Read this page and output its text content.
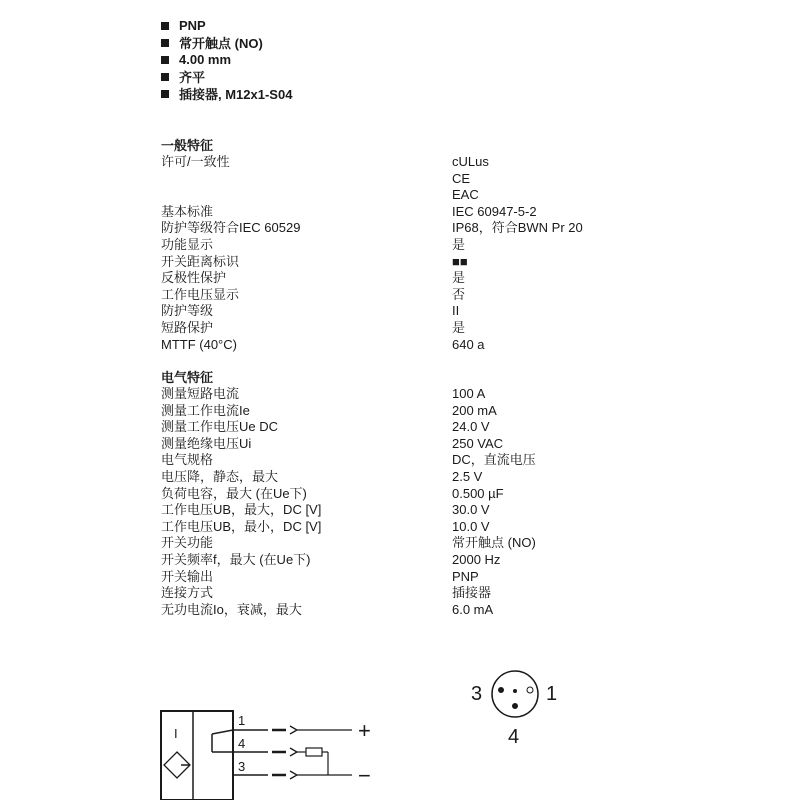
PNP
常开触点 (NO)
4.00 mm
齐平
插接器, M12x1-S04
一般特征
许可/一致性	cULus
CE
EAC
基本标准	IEC 60947-5-2
防护等级符合IEC 60529	IP68，符合BWN Pr 20
功能显示	是
开关距离标识	■■
反极性保护	是
工作电压显示	否
防护等级	II
短路保护	是
MTTF (40°C)	640 a
电气特征
测量短路电流	100 A
测量工作电流Ie	200 mA
测量工作电压Ue DC	24.0 V
测量绝缘电压Ui	250 VAC
电气规格	DC，直流电压
电压降，静态，最大	2.5 V
负荷电容，最大 (在Ue下)	0.500 µF
工作电压UB，最大，DC [V]	30.0 V
工作电压UB，最小，DC [V]	10.0 V
开关功能	常开触点 (NO)
开关频率f，最大 (在Ue下)	2000 Hz
开关输出	PNP
连接方式	插接器
无功电流Io，衰减，最大	6.0 mA
3	1
4
I
1
4
3
+
−
